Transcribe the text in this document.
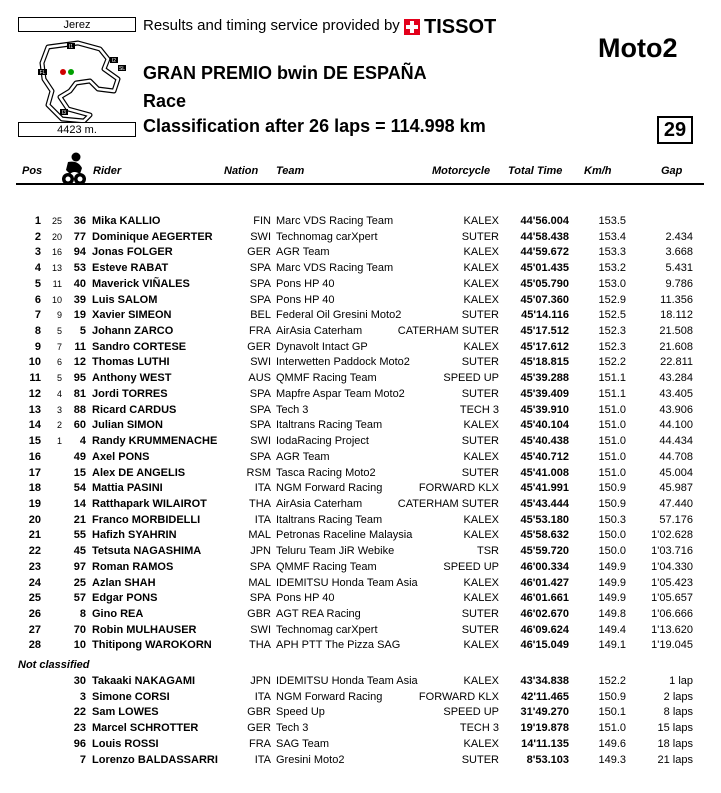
Jerez
I1
I2
I3
SL
FL
4423 m.
Results and timing service provided by TISSOT
Moto2
GRAN PREMIO bwin DE ESPAÑA
Race
Classification after 26 laps = 114.998 km	29
Pos	Rider	Nation Team	Motorcycle Total Time Km/h	Gap
1	25	36 Mika KALLIO	FIN Marc VDS Racing Team	KALEX	44'56.004	153.5
2	20	77 Dominique AEGERTER	SWI Technomag carXpert	SUTER	44'58.438	153.4	2.434
3	16	94 Jonas FOLGER	GER AGR Team	KALEX	44'59.672	153.3	3.668
4	13	53 Esteve RABAT	SPA Marc VDS Racing Team	KALEX	45'01.435	153.2	5.431
5	11	40 Maverick VIÑALES	SPA Pons HP 40	KALEX	45'05.790	153.0	9.786
6	10	39 Luis SALOM	SPA Pons HP 40	KALEX	45'07.360	152.9	11.356
7	9	19 Xavier SIMEON	BEL Federal Oil Gresini Moto2	SUTER	45'14.116	152.5	18.112
8	5	5 Johann ZARCO	FRA AirAsia Caterham	CATERHAM SUTER	45'17.512	152.3	21.508
9	7	11 Sandro CORTESE	GER Dynavolt Intact GP	KALEX	45'17.612	152.3	21.608
10	6	12 Thomas LUTHI	SWI Interwetten Paddock Moto2	SUTER	45'18.815	152.2	22.811
11	5	95 Anthony WEST	AUS QMMF Racing Team	SPEED UP	45'39.288	151.1	43.284
12	4	81 Jordi TORRES	SPA Mapfre Aspar Team Moto2	SUTER	45'39.409	151.1	43.405
13	3	88 Ricard CARDUS	SPA Tech 3	TECH 3	45'39.910	151.0	43.906
14	2	60 Julian SIMON	SPA Italtrans Racing Team	KALEX	45'40.104	151.0	44.100
15	1	4 Randy KRUMMENACHE	SWI IodaRacing Project	SUTER	45'40.438	151.0	44.434
16	49 Axel PONS	SPA AGR Team	KALEX	45'40.712	151.0	44.708
17	15 Alex DE ANGELIS	RSM Tasca Racing Moto2	SUTER	45'41.008	151.0	45.004
18	54 Mattia PASINI	ITA NGM Forward Racing	FORWARD KLX	45'41.991	150.9	45.987
19	14 Ratthapark WILAIROT	THA AirAsia Caterham	CATERHAM SUTER	45'43.444	150.9	47.440
20	21 Franco MORBIDELLI	ITA Italtrans Racing Team	KALEX	45'53.180	150.3	57.176
21	55 Hafizh SYAHRIN	MAL Petronas Raceline Malaysia	KALEX	45'58.632	150.0	1'02.628
22	45 Tetsuta NAGASHIMA	JPN Teluru Team JiR Webike	TSR	45'59.720	150.0	1'03.716
23	97 Roman RAMOS	SPA QMMF Racing Team	SPEED UP	46'00.334	149.9	1'04.330
24	25 Azlan SHAH	MAL IDEMITSU Honda Team Asia	KALEX	46'01.427	149.9	1'05.423
25	57 Edgar PONS	SPA Pons HP 40	KALEX	46'01.661	149.9	1'05.657
26	8 Gino REA	GBR AGT REA Racing	SUTER	46'02.670	149.8	1'06.666
27	70 Robin MULHAUSER	SWI Technomag carXpert	SUTER	46'09.624	149.4	1'13.620
28	10 Thitipong WAROKORN	THA APH PTT The Pizza SAG	KALEX	46'15.049	149.1	1'19.045
Not classified
30 Takaaki NAKAGAMI	JPN IDEMITSU Honda Team Asia	KALEX	43'34.838	152.2	1 lap
3 Simone CORSI	ITA NGM Forward Racing	FORWARD KLX	42'11.465	150.9	2 laps
22 Sam LOWES	GBR Speed Up	SPEED UP	31'49.270	150.1	8 laps
23 Marcel SCHROTTER	GER Tech 3	TECH 3	19'19.878	151.0	15 laps
96 Louis ROSSI	FRA SAG Team	KALEX	14'11.135	149.6	18 laps
7 Lorenzo BALDASSARRI	ITA Gresini Moto2	SUTER	8'53.103	149.3	21 laps
